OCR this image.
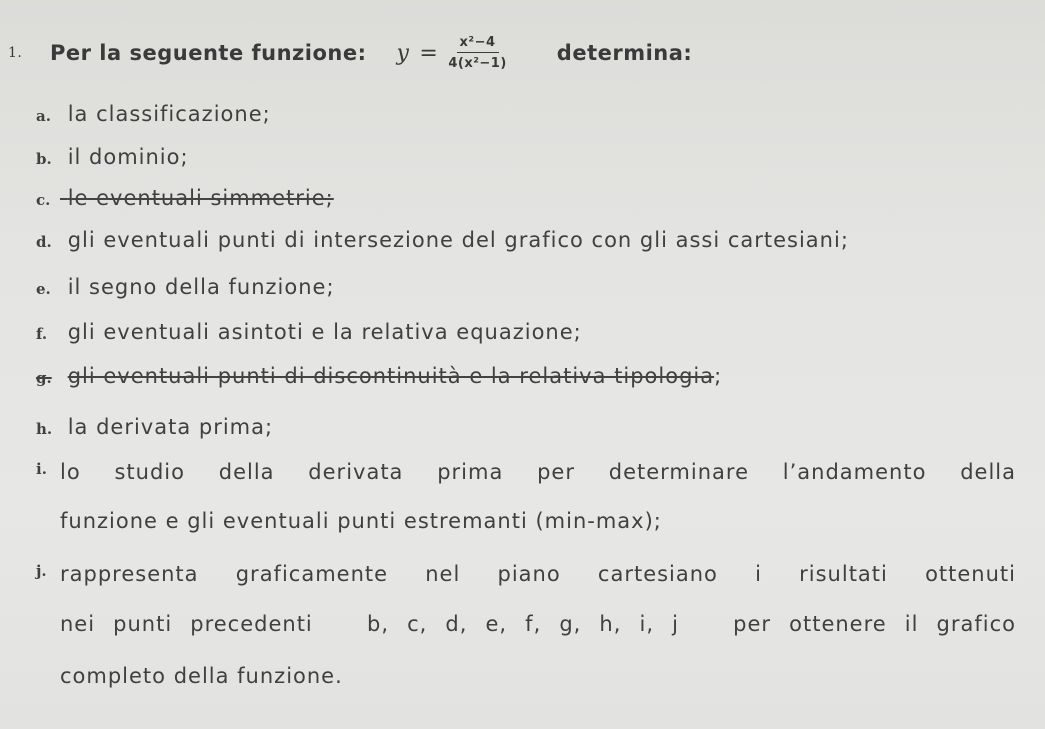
1.	Per la seguente funzione: $y = \frac{\text{x²−4}}{\text{4(x²−1)}}$ determina:
a. la classificazione;
b. il dominio;
c. le eventuali simmetrie;
d. gli eventuali punti di intersezione del grafico con gli assi cartesiani;
e. il segno della funzione;
f. gli eventuali asintoti e la relativa equazione;
g. gli eventuali punti di discontinuità e la relativa tipologia;
h. la derivata prima;
i. lo studio della derivata prima per determinare l’andamento della
funzione e gli eventuali punti estremanti (min-max);
j. rappresenta graficamente nel piano cartesiano i risultati ottenuti
nei punti precedenti   b, c, d, e, f, g, h, i, j   per ottenere il grafico
completo della funzione.
